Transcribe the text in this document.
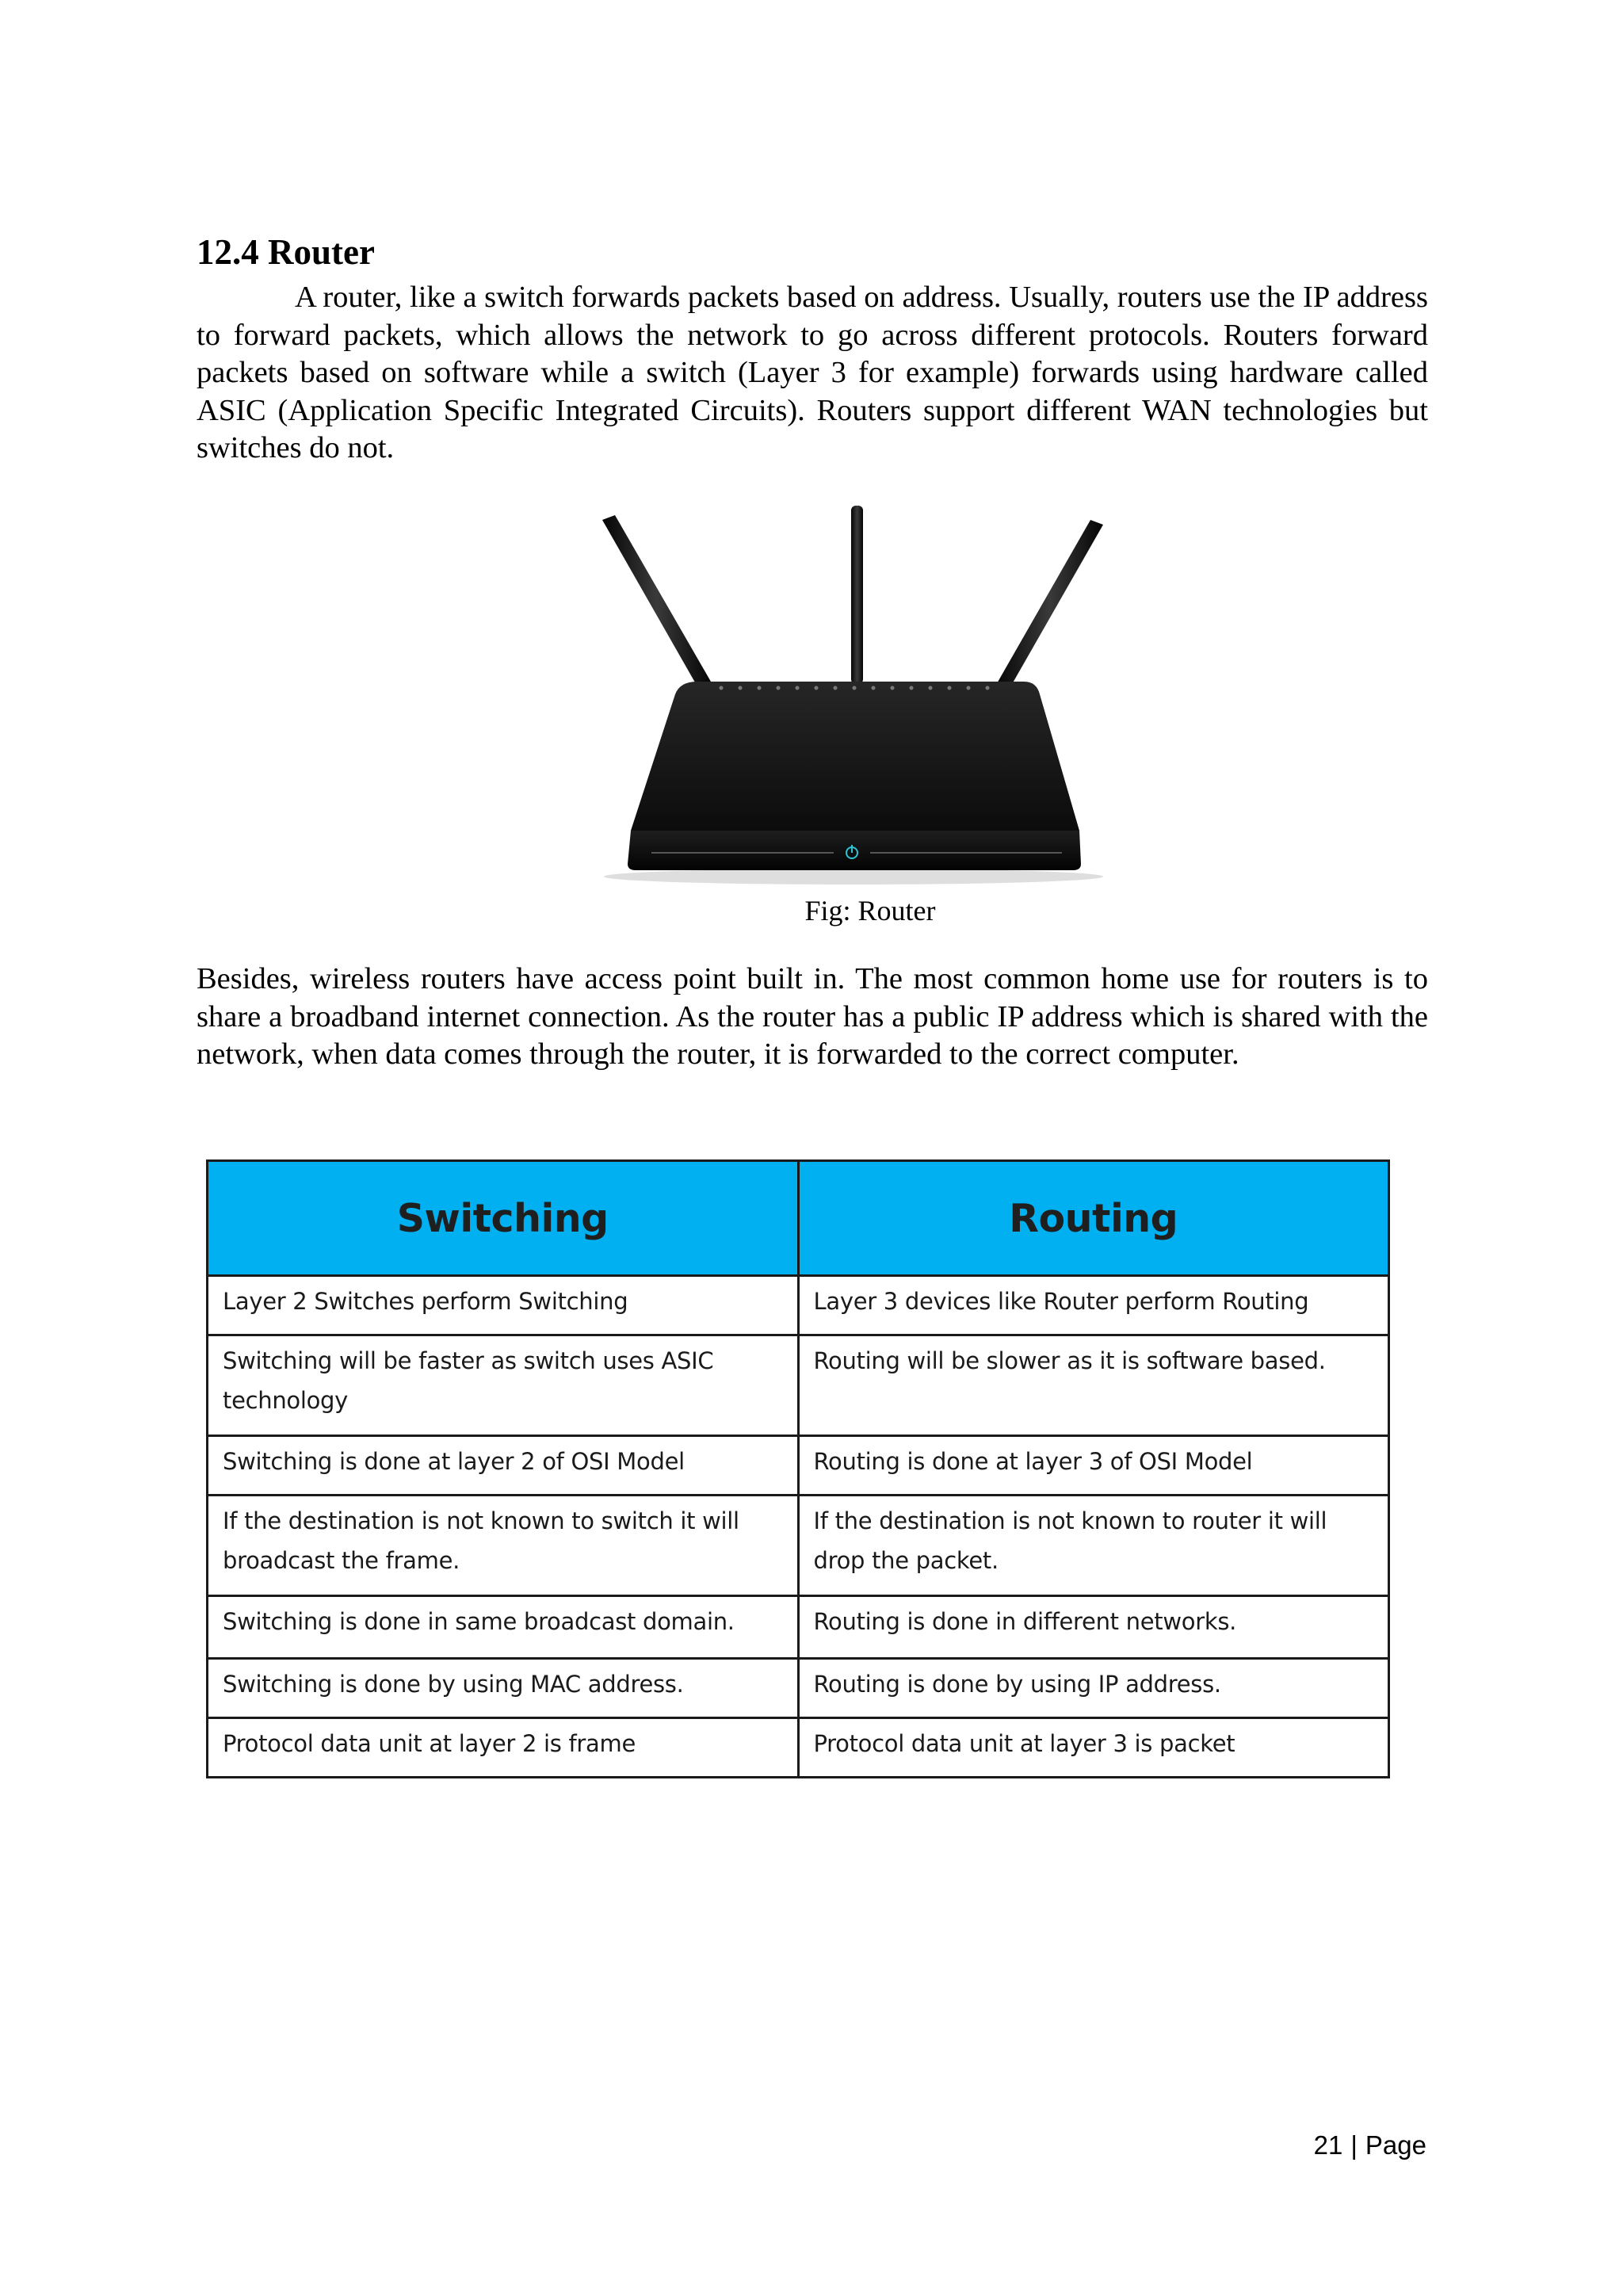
12.4 Router

A router, like a switch forwards packets based on address. Usually, routers use the IP address to forward packets, which allows the network to go across different protocols. Routers forward packets based on software while a switch (Layer 3 for example) forwards using hardware called ASIC (Application Specific Integrated Circuits). Routers support different WAN technologies but switches do not.

Fig: Router

Besides, wireless routers have access point built in. The most common home use for routers is to share a broadband internet connection. As the router has a public IP address which is shared with the network, when data comes through the router, it is forwarded to the correct computer.

Switching	Routing
Layer 2 Switches perform Switching	Layer 3 devices like Router perform Routing
Switching will be faster as switch uses ASIC technology	Routing will be slower as it is software based.
Switching is done at layer 2 of OSI Model	Routing is done at layer 3 of OSI Model
If the destination is not known to switch it will broadcast the frame.	If the destination is not known to router it will drop the packet.
Switching is done in same broadcast domain.	Routing is done in different networks.
Switching is done by using MAC address.	Routing is done by using IP address.
Protocol data unit at layer 2 is frame	Protocol data unit at layer 3 is packet

21 | Page
